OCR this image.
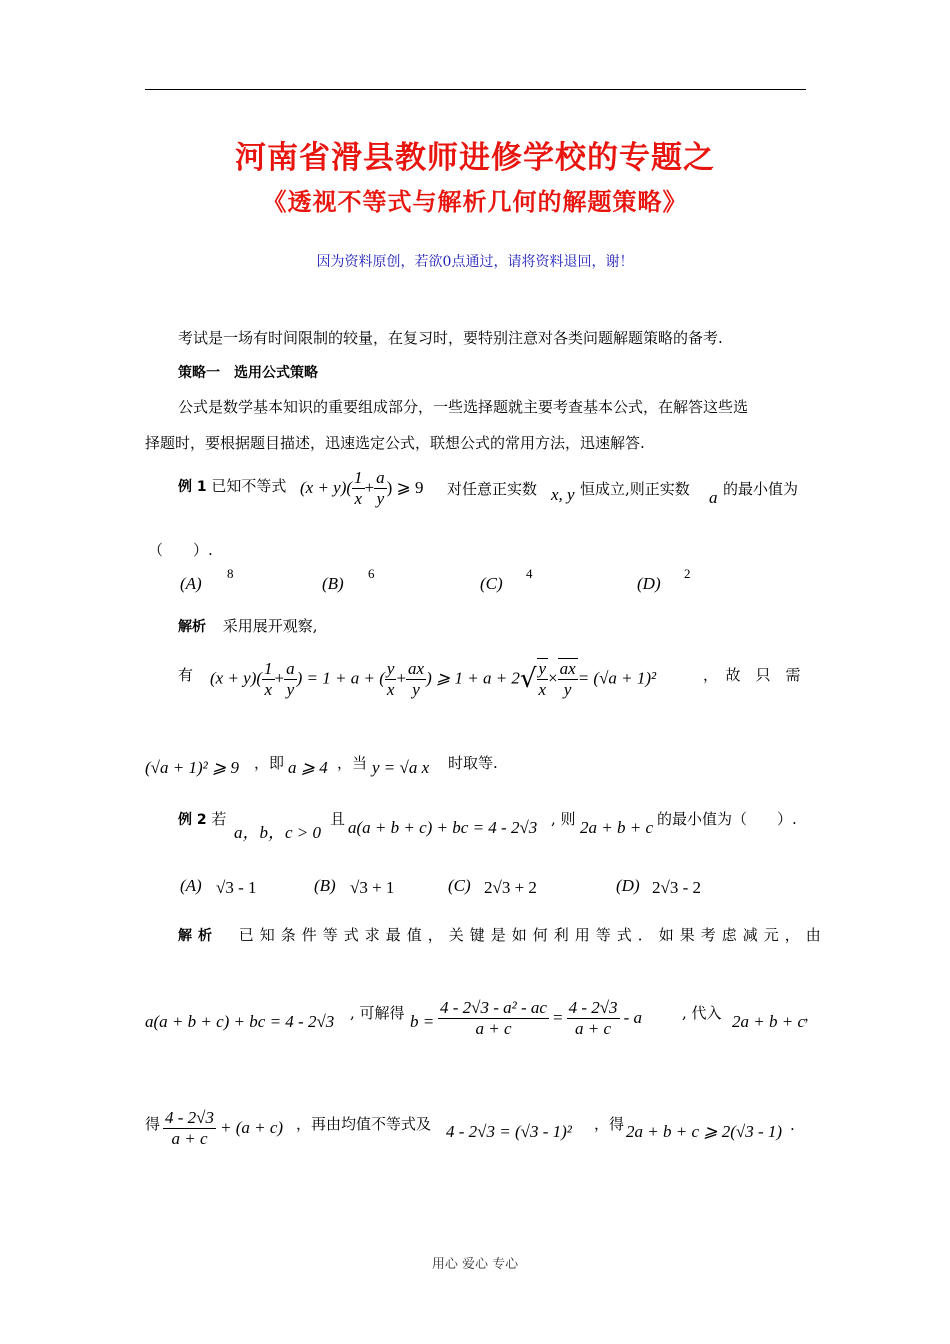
河南省滑县教师进修学校的专题之
《透视不等式与解析几何的解题策略》
因为资料原创，若欲0点通过，请将资料退回，谢！
考试是一场有时间限制的较量，在复习时，要特别注意对各类问题解题策略的备考.
策略一　选用公式策略
公式是数学基本知识的重要组成部分，一些选择题就主要考查基本公式，在解答这些选
择题时，要根据题目描述，迅速选定公式，联想公式的常用方法，迅速解答.
例 1 已知不等式 $(x + y)( \frac{1}{x} + \frac{a}{y}$ ) ⩾ 9 对任意正实数 x, y 恒成立,则正实数 a 的最小值为
（　　）.
(A)
8
(B)
6
(C)
4
(D)
2
解析 采用展开观察,
有 $(x + y)( \frac{1}{x} + \frac{a}{y}$ ) = 1 + a + ( $\frac{y}{x} + \frac{ax}{y}$ ) ⩾ $1 + a + 2√ \frac{y}{x} \times \frac{ax}{y} = (√a + 1)^2$	，　故　只　需
(√a + 1)² ⩾ 9 ，即 a ⩾ 4 ，当 y = √a x 时取等.
例 2 若
a，b，c > 0
且 a(a + b + c) + bc = 4 - 2√3 , 则 2a + b + c 的最小值为（　　）.
(A) √3 - 1	(B) √3 + 1	(C) 2√3 + 2	(D) 2√3 - 2
解析 已知条件等式求最值，关键是如何利用等式．如果考虑减元，由
a(a + b + c) + bc = 4 - 2√3 , 可解得 $b = \frac{\text{4 - 2√3 - a² - ac}}{a + c} = \frac{4 - 2√3}{a + c} - a$	, 代入 2a + b + c ，
得 $\frac{4 - 2√3}{a + c} + (a + c)$ ，再由均值不等式及 4 - 2√3 = (√3 - 1)² ，得 2a + b + c ⩾ 2(√3 - 1) .
用心 爱心 专心
